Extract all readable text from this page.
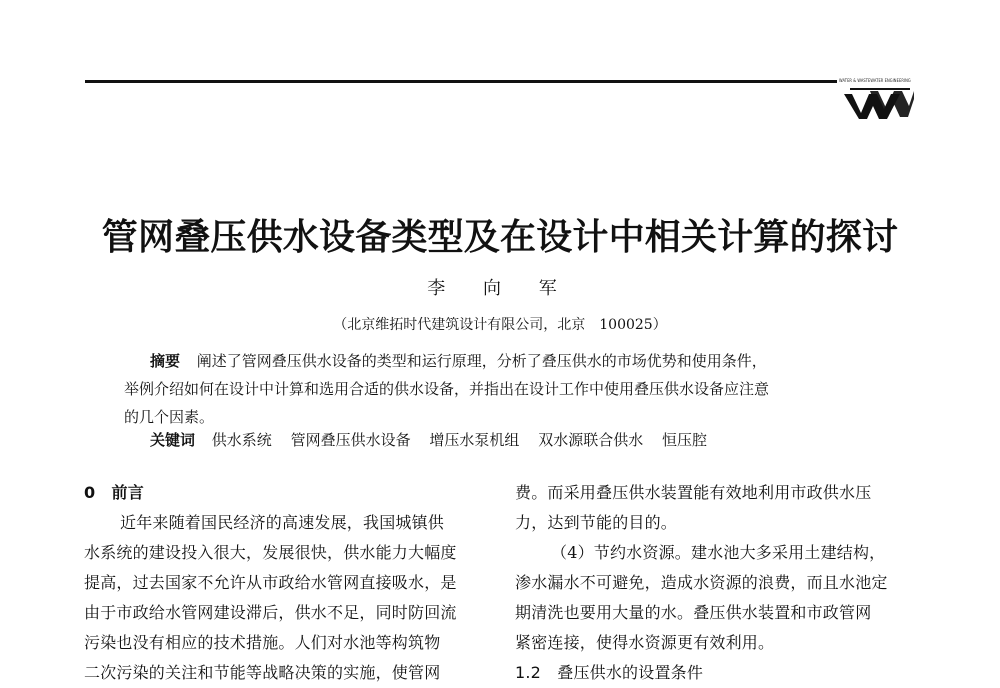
WATER & WASTEWATER ENGINEERING
管网叠压供水设备类型及在设计中相关计算的探讨
李 向 军
（北京维拓时代建筑设计有限公司，北京　100025）
摘要 阐述了管网叠压供水设备的类型和运行原理，分析了叠压供水的市场优势和使用条件，
举例介绍如何在设计中计算和选用合适的供水设备，并指出在设计工作中使用叠压供水设备应注意
的几个因素。
关键词 供水系统 管网叠压供水设备 增压水泵机组 双水源联合供水 恒压腔
0　前言
近年来随着国民经济的高速发展，我国城镇供
水系统的建设投入很大，发展很快，供水能力大幅度
提高，过去国家不允许从市政给水管网直接吸水，是
由于市政给水管网建设滞后，供水不足，同时防回流
污染也没有相应的技术措施。人们对水池等构筑物
二次污染的关注和节能等战略决策的实施，使管网
费。而采用叠压供水装置能有效地利用市政供水压
力，达到节能的目的。
（4）节约水资源。建水池大多采用土建结构，
渗水漏水不可避免，造成水资源的浪费，而且水池定
期清洗也要用大量的水。叠压供水装置和市政管网
紧密连接，使得水资源更有效利用。
1.2　叠压供水的设置条件
